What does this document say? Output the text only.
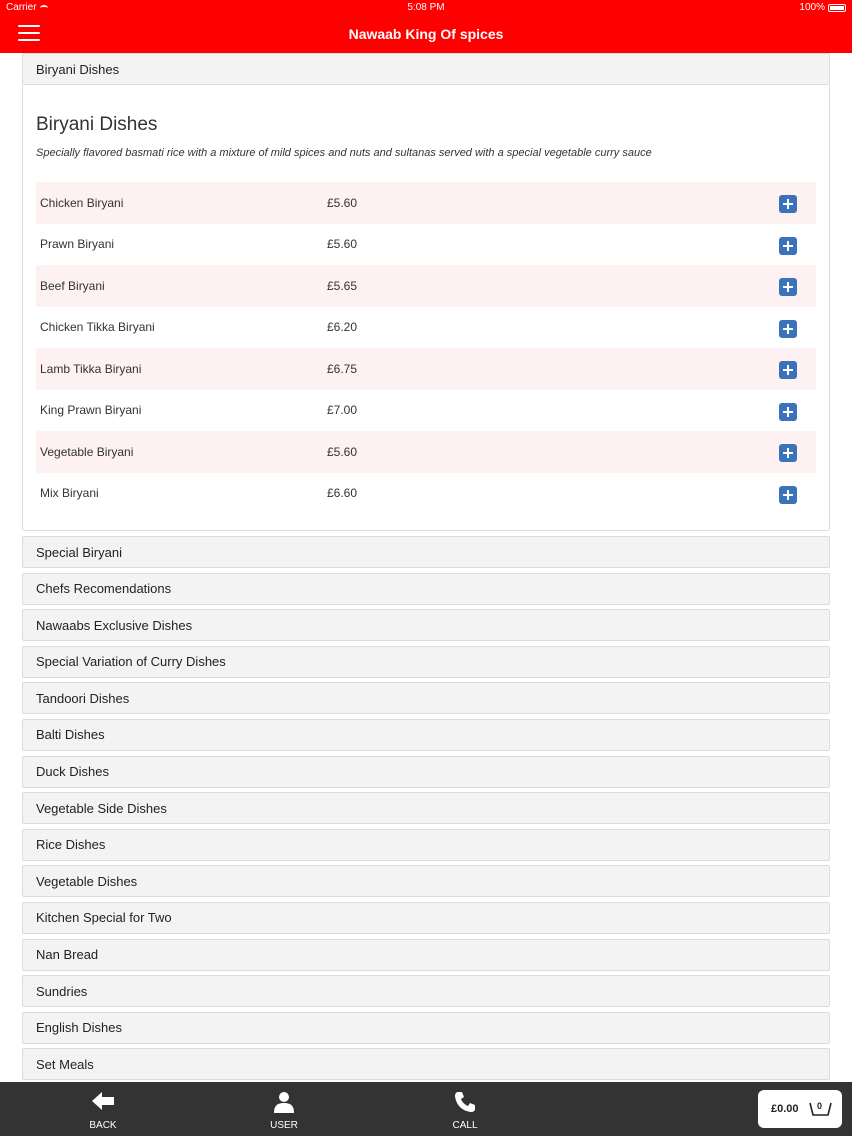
Carrier	5:08 PM	100%
Nawaab King Of spices
Biryani Dishes
Biryani Dishes
Specially flavored basmati rice with a mixture of mild spices and nuts and sultanas served with a special vegetable curry sauce
Chicken Biryani	£5.60
Prawn Biryani	£5.60
Beef Biryani	£5.65
Chicken Tikka Biryani	£6.20
Lamb Tikka Biryani	£6.75
King Prawn Biryani	£7.00
Vegetable Biryani	£5.60
Mix Biryani	£6.60
Special Biryani
Chefs Recomendations
Nawaabs Exclusive Dishes
Special Variation of Curry Dishes
Tandoori Dishes
Balti Dishes
Duck Dishes
Vegetable Side Dishes
Rice Dishes
Vegetable Dishes
Kitchen Special for Two
Nan Bread
Sundries
English Dishes
Set Meals
BACK	USER	CALL
£0.00 0
